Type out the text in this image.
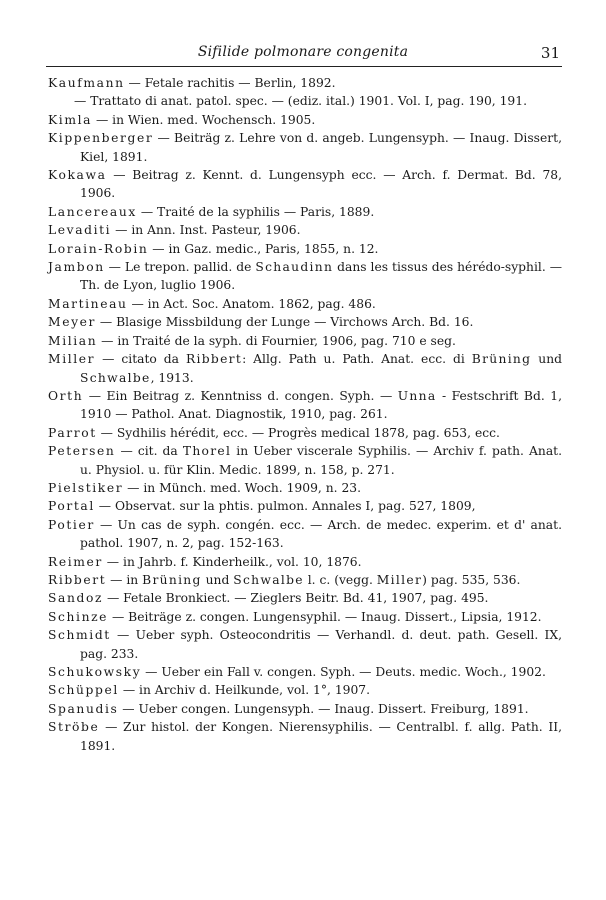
Sifilide polmonare congenita	31
Kaufmann — Fetale rachitis — Berlin, 1892.
— Trattato di anat. patol. spec. — (ediz. ital.) 1901. Vol. I, pag. 190, 191.
Kimla — in Wien. med. Wochensch. 1905.
Kippenberger — Beiträg z. Lehre von d. angeb. Lungensyph. — Inaug. Dissert, Kiel, 1891.
Kokawa — Beitrag z. Kennt. d. Lungensyph ecc. — Arch. f. Dermat. Bd. 78, 1906.
Lancereaux — Traité de la syphilis — Paris, 1889.
Levaditi — in Ann. Inst. Pasteur, 1906.
Lorain-Robin — in Gaz. medic., Paris, 1855, n. 12.
Jambon — Le trepon. pallid. de Schaudinn dans les tissus des hérédo-syphil. — Th. de Lyon, luglio 1906.
Martineau — in Act. Soc. Anatom. 1862, pag. 486.
Meyer — Blasige Missbildung der Lunge — Virchows Arch. Bd. 16.
Milian — in Traité de la syph. di Fournier, 1906, pag. 710 e seg.
Miller — citato da Ribbert: Allg. Path u. Path. Anat. ecc. di Brüning und Schwalbe, 1913.
Orth — Ein Beitrag z. Kenntniss d. congen. Syph. — Unna - Festschrift Bd. 1, 1910 — Pathol. Anat. Diagnostik, 1910, pag. 261.
Parrot — Sydhilis hérédit, ecc. — Progrès medical 1878, pag. 653, ecc.
Petersen — cit. da Thorel in Ueber viscerale Syphilis. — Archiv f. path. Anat. u. Physiol. u. für Klin. Medic. 1899, n. 158, p. 271.
Pielstiker — in Münch. med. Woch. 1909, n. 23.
Portal — Observat. sur la phtis. pulmon. Annales I, pag. 527, 1809,
Potier — Un cas de syph. congén. ecc. — Arch. de medec. experim. et d' anat. pathol. 1907, n. 2, pag. 152-163.
Reimer — in Jahrb. f. Kinderheilk., vol. 10, 1876.
Ribbert — in Brüning und Schwalbe l. c. (vegg. Miller) pag. 535, 536.
Sandoz — Fetale Bronkiect. — Zieglers Beitr. Bd. 41, 1907, pag. 495.
Schinze — Beiträge z. congen. Lungensyphil. — Inaug. Dissert., Lipsia, 1912.
Schmidt — Ueber syph. Osteocondritis — Verhandl. d. deut. path. Gesell. IX, pag. 233.
Schukowsky — Ueber ein Fall v. congen. Syph. — Deuts. medic. Woch., 1902.
Schüppel — in Archiv d. Heilkunde, vol. 1°, 1907.
Spanudis — Ueber congen. Lungensyph. — Inaug. Dissert. Freiburg, 1891.
Ströbe — Zur histol. der Kongen. Nierensyphilis. — Centralbl. f. allg. Path. II, 1891.
